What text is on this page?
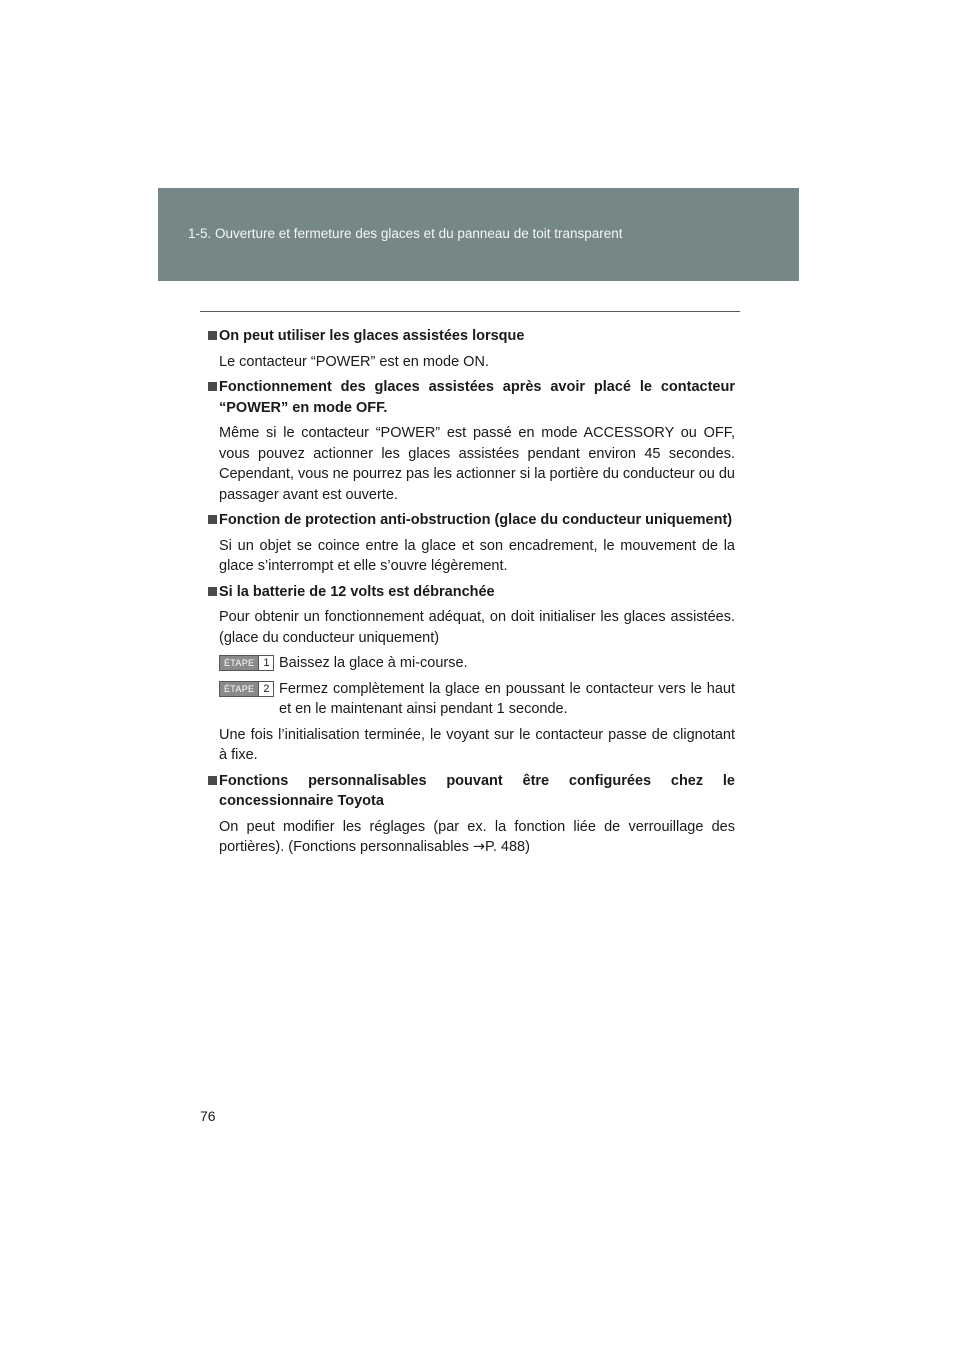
1-5. Ouverture et fermeture des glaces et du panneau de toit transparent
On peut utiliser les glaces assistées lorsque
Le contacteur “POWER” est en mode ON.
Fonctionnement des glaces assistées après avoir placé le contacteur “POWER” en mode OFF.
Même si le contacteur “POWER” est passé en mode ACCESSORY ou OFF, vous pouvez actionner les glaces assistées pendant environ 45 secondes. Cependant, vous ne pourrez pas les actionner si la portière du conducteur ou du passager avant est ouverte.
Fonction de protection anti-obstruction (glace du conducteur uniquement)
Si un objet se coince entre la glace et son encadrement, le mouvement de la glace s’interrompt et elle s’ouvre légèrement.
Si la batterie de 12 volts est débranchée
Pour obtenir un fonctionnement adéquat, on doit initialiser les glaces assistées. (glace du conducteur uniquement)
ÉTAPE 1 Baissez la glace à mi-course.
ÉTAPE 2 Fermez complètement la glace en poussant le contacteur vers le haut et en le maintenant ainsi pendant 1 seconde.
Une fois l’initialisation terminée, le voyant sur le contacteur passe de clignotant à fixe.
Fonctions personnalisables pouvant être configurées chez le concessionnaire Toyota
On peut modifier les réglages (par ex. la fonction liée de verrouillage des portières). (Fonctions personnalisables →P. 488)
76
